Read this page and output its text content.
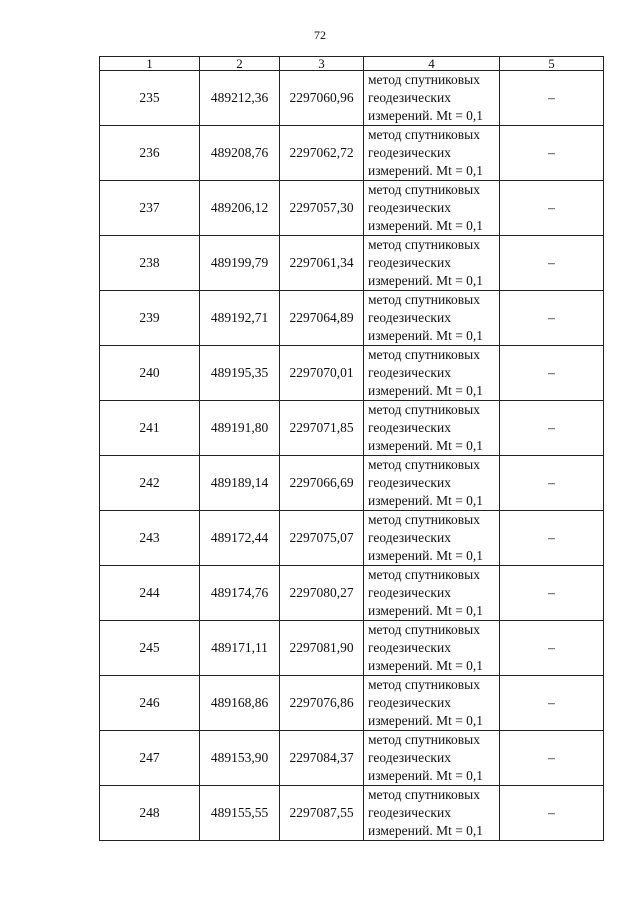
72
1	2	3	4	5
235	489212,36	2297060,96	метод спутниковых
геодезических
измерений. Mt = 0,1	–
236	489208,76	2297062,72	метод спутниковых
геодезических
измерений. Mt = 0,1	–
237	489206,12	2297057,30	метод спутниковых
геодезических
измерений. Mt = 0,1	–
238	489199,79	2297061,34	метод спутниковых
геодезических
измерений. Mt = 0,1	–
239	489192,71	2297064,89	метод спутниковых
геодезических
измерений. Mt = 0,1	–
240	489195,35	2297070,01	метод спутниковых
геодезических
измерений. Mt = 0,1	–
241	489191,80	2297071,85	метод спутниковых
геодезических
измерений. Mt = 0,1	–
242	489189,14	2297066,69	метод спутниковых
геодезических
измерений. Mt = 0,1	–
243	489172,44	2297075,07	метод спутниковых
геодезических
измерений. Mt = 0,1	–
244	489174,76	2297080,27	метод спутниковых
геодезических
измерений. Mt = 0,1	–
245	489171,11	2297081,90	метод спутниковых
геодезических
измерений. Mt = 0,1	–
246	489168,86	2297076,86	метод спутниковых
геодезических
измерений. Mt = 0,1	–
247	489153,90	2297084,37	метод спутниковых
геодезических
измерений. Mt = 0,1	–
248	489155,55	2297087,55	метод спутниковых
геодезических
измерений. Mt = 0,1	–
